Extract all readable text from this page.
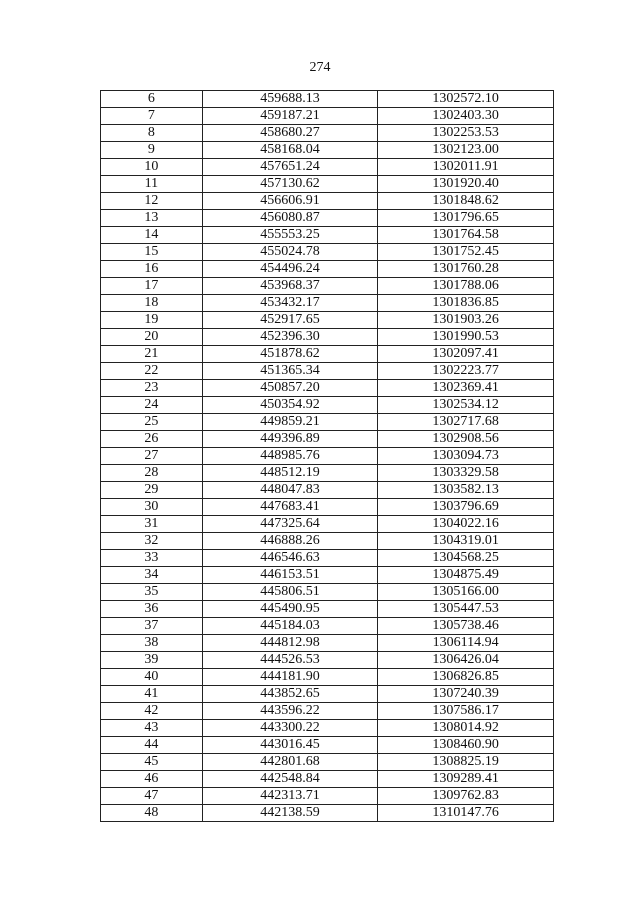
274
6	459688.13	1302572.10
7	459187.21	1302403.30
8	458680.27	1302253.53
9	458168.04	1302123.00
10	457651.24	1302011.91
11	457130.62	1301920.40
12	456606.91	1301848.62
13	456080.87	1301796.65
14	455553.25	1301764.58
15	455024.78	1301752.45
16	454496.24	1301760.28
17	453968.37	1301788.06
18	453432.17	1301836.85
19	452917.65	1301903.26
20	452396.30	1301990.53
21	451878.62	1302097.41
22	451365.34	1302223.77
23	450857.20	1302369.41
24	450354.92	1302534.12
25	449859.21	1302717.68
26	449396.89	1302908.56
27	448985.76	1303094.73
28	448512.19	1303329.58
29	448047.83	1303582.13
30	447683.41	1303796.69
31	447325.64	1304022.16
32	446888.26	1304319.01
33	446546.63	1304568.25
34	446153.51	1304875.49
35	445806.51	1305166.00
36	445490.95	1305447.53
37	445184.03	1305738.46
38	444812.98	1306114.94
39	444526.53	1306426.04
40	444181.90	1306826.85
41	443852.65	1307240.39
42	443596.22	1307586.17
43	443300.22	1308014.92
44	443016.45	1308460.90
45	442801.68	1308825.19
46	442548.84	1309289.41
47	442313.71	1309762.83
48	442138.59	1310147.76
